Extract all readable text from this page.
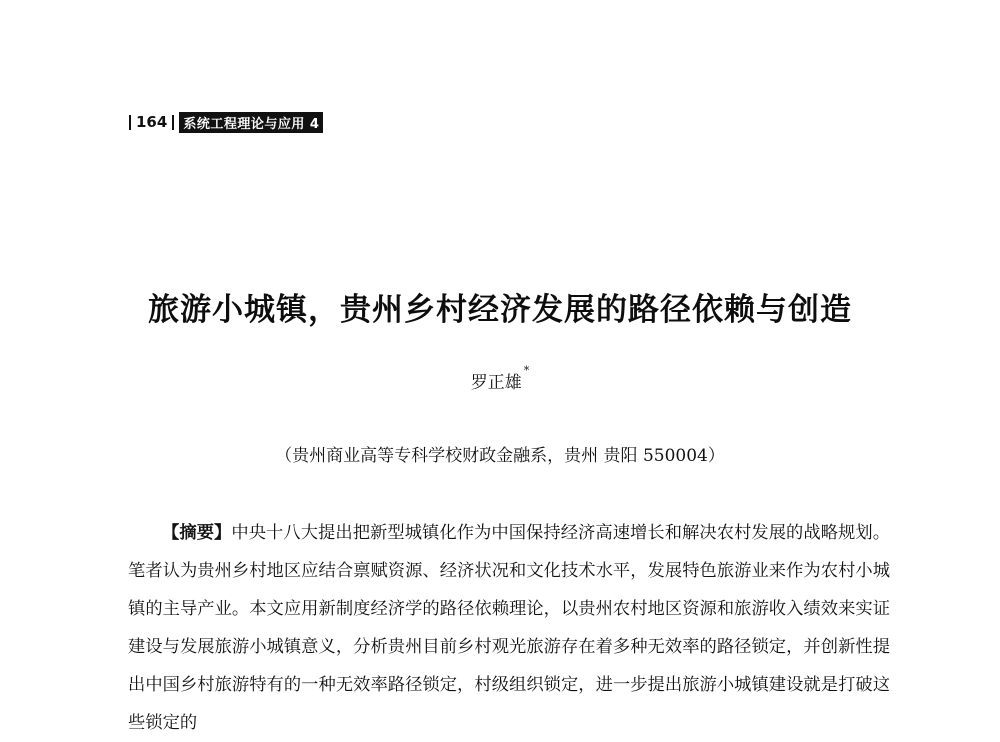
164	系统工程理论与应用 4
旅游小城镇，贵州乡村经济发展的路径依赖与创造
罗正雄*
（贵州商业高等专科学校财政金融系，贵州 贵阳 550004）
【摘要】中央十八大提出把新型城镇化作为中国保持经济高速增长和解决农村发展的战略规划。笔者认为贵州乡村地区应结合禀赋资源、经济状况和文化技术水平，发展特色旅游业来作为农村小城镇的主导产业。本文应用新制度经济学的路径依赖理论，以贵州农村地区资源和旅游收入绩效来实证建设与发展旅游小城镇意义，分析贵州目前乡村观光旅游存在着多种无效率的路径锁定，并创新性提出中国乡村旅游特有的一种无效率路径锁定，村级组织锁定，进一步提出旅游小城镇建设就是打破这些锁定的
